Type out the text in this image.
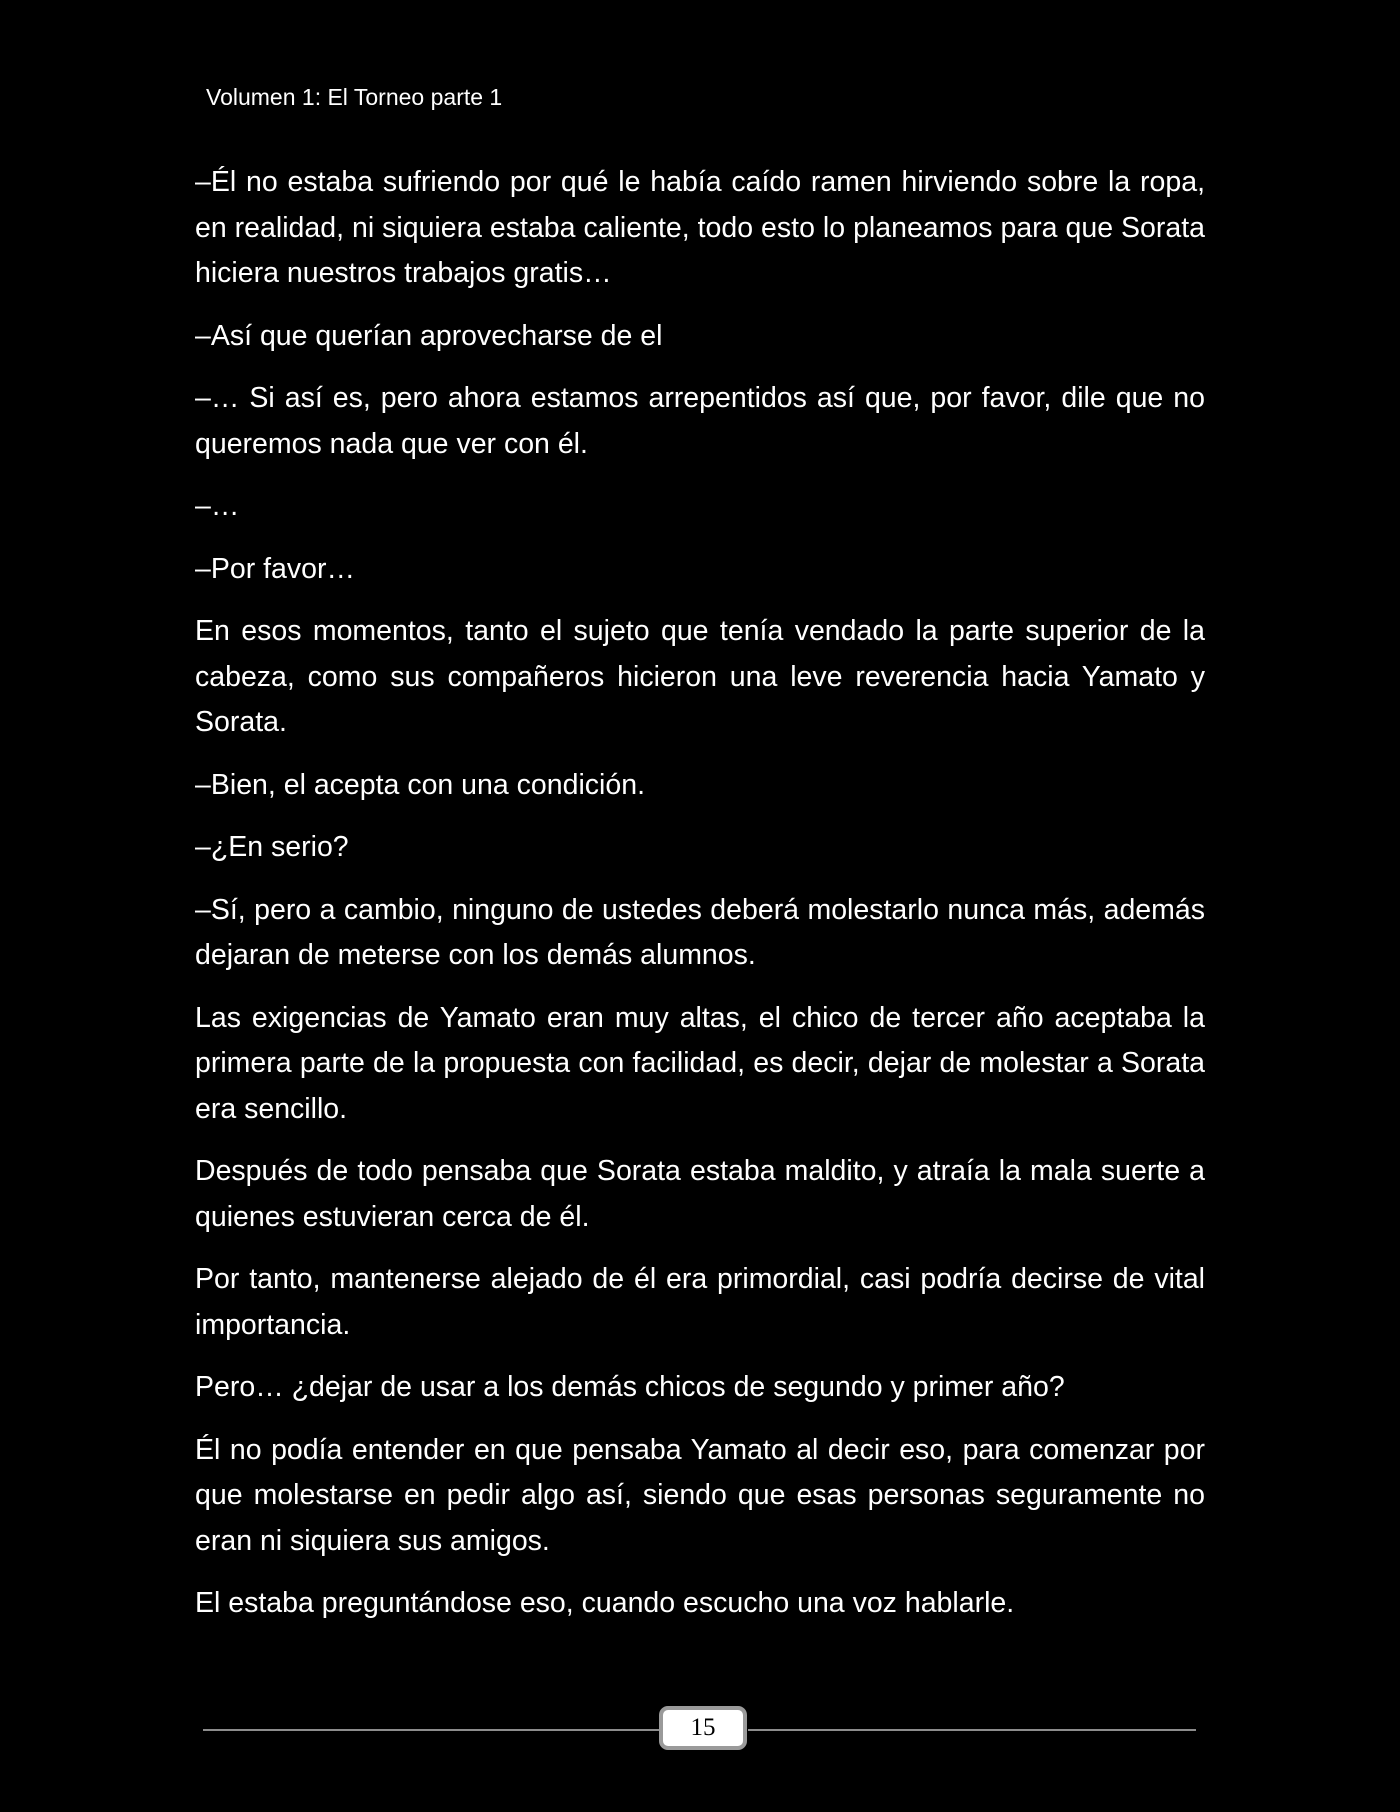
Volumen 1: El Torneo parte 1

–Él no estaba sufriendo por qué le había caído ramen hirviendo sobre la ropa, en realidad, ni siquiera estaba caliente, todo esto lo planeamos para que Sorata hiciera nuestros trabajos gratis…

–Así que querían aprovecharse de el

–… Si así es, pero ahora estamos arrepentidos así que, por favor, dile que no queremos nada que ver con él.

–…

–Por favor…

En esos momentos, tanto el sujeto que tenía vendado la parte superior de la cabeza, como sus compañeros hicieron una leve reverencia hacia Yamato y Sorata.

–Bien, el acepta con una condición.

–¿En serio?

–Sí, pero a cambio, ninguno de ustedes deberá molestarlo nunca más, además dejaran de meterse con los demás alumnos.

Las exigencias de Yamato eran muy altas, el chico de tercer año aceptaba la primera parte de la propuesta con facilidad, es decir, dejar de molestar a Sorata era sencillo.

Después de todo pensaba que Sorata estaba maldito, y atraía la mala suerte a quienes estuvieran cerca de él.

Por tanto, mantenerse alejado de él era primordial, casi podría decirse de vital importancia.

Pero… ¿dejar de usar a los demás chicos de segundo y primer año?

Él no podía entender en que pensaba Yamato al decir eso, para comenzar por que molestarse en pedir algo así, siendo que esas personas seguramente no eran ni siquiera sus amigos.

El estaba preguntándose eso, cuando escucho una voz hablarle.

15
